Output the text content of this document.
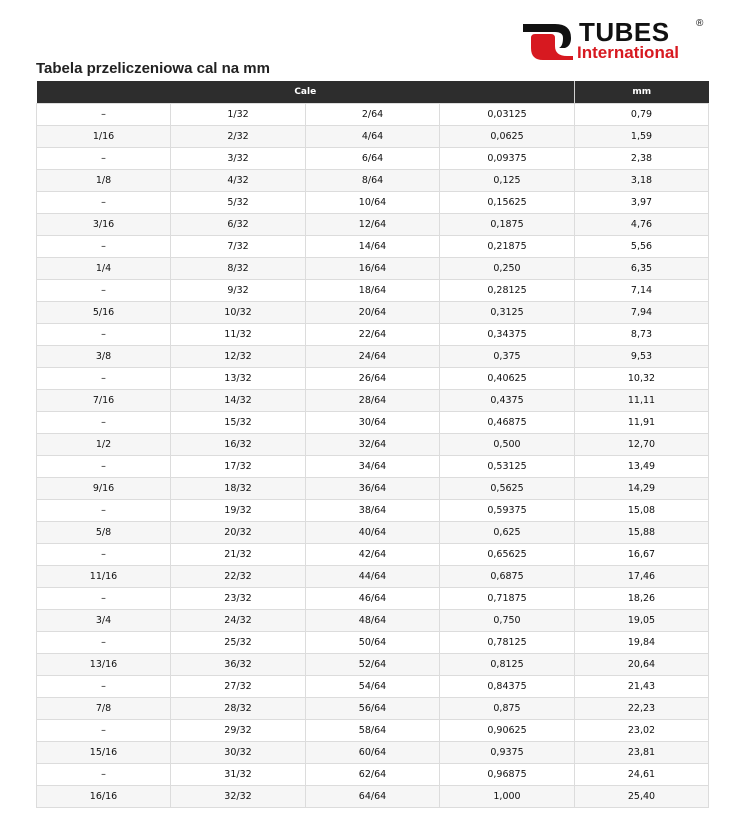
TUBES	®
International
Tabela przeliczeniowa cal na mm
Cale				mm
–	1/32	2/64	0,03125	0,79
1/16	2/32	4/64	0,0625	1,59
–	3/32	6/64	0,09375	2,38
1/8	4/32	8/64	0,125	3,18
–	5/32	10/64	0,15625	3,97
3/16	6/32	12/64	0,1875	4,76
–	7/32	14/64	0,21875	5,56
1/4	8/32	16/64	0,250	6,35
–	9/32	18/64	0,28125	7,14
5/16	10/32	20/64	0,3125	7,94
–	11/32	22/64	0,34375	8,73
3/8	12/32	24/64	0,375	9,53
–	13/32	26/64	0,40625	10,32
7/16	14/32	28/64	0,4375	11,11
–	15/32	30/64	0,46875	11,91
1/2	16/32	32/64	0,500	12,70
–	17/32	34/64	0,53125	13,49
9/16	18/32	36/64	0,5625	14,29
–	19/32	38/64	0,59375	15,08
5/8	20/32	40/64	0,625	15,88
–	21/32	42/64	0,65625	16,67
11/16	22/32	44/64	0,6875	17,46
–	23/32	46/64	0,71875	18,26
3/4	24/32	48/64	0,750	19,05
–	25/32	50/64	0,78125	19,84
13/16	36/32	52/64	0,8125	20,64
–	27/32	54/64	0,84375	21,43
7/8	28/32	56/64	0,875	22,23
–	29/32	58/64	0,90625	23,02
15/16	30/32	60/64	0,9375	23,81
–	31/32	62/64	0,96875	24,61
16/16	32/32	64/64	1,000	25,40
